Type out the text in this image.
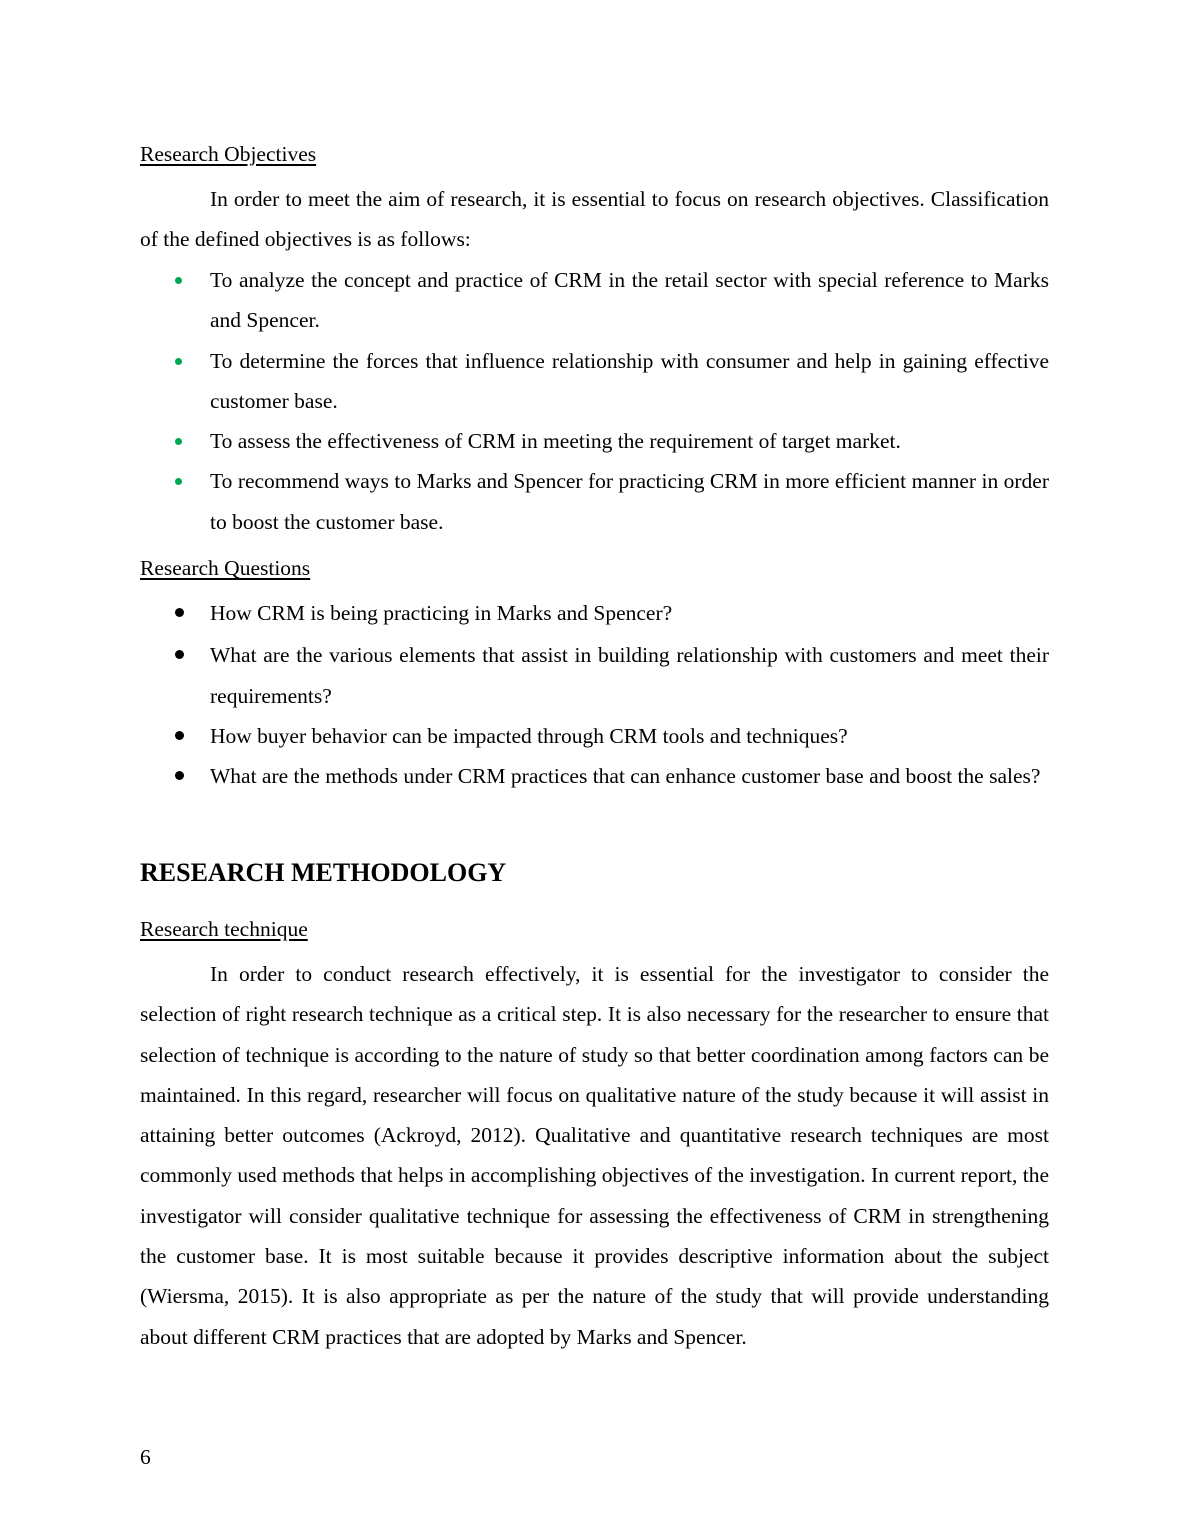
Research Objectives

In order to meet the aim of research, it is essential to focus on research objectives. Classification of the defined objectives is as follows:

To analyze the concept and practice of CRM in the retail sector with special reference to Marks and Spencer.
To determine the forces that influence relationship with consumer and help in gaining effective customer base.
To assess the effectiveness of CRM in meeting the requirement of target market.
To recommend ways to Marks and Spencer for practicing CRM in more efficient manner in order to boost the customer base.
Research Questions
How CRM is being practicing in Marks and Spencer?
What are the various elements that assist in building relationship with customers and meet their requirements?
How buyer behavior can be impacted through CRM tools and techniques?
What are the methods under CRM practices that can enhance customer base and boost the sales?
RESEARCH METHODOLOGY
Research technique

In order to conduct research effectively, it is essential for the investigator to consider the selection of right research technique as a critical step. It is also necessary for the researcher to ensure that selection of technique is according to the nature of study so that better coordination among factors can be maintained. In this regard, researcher will focus on qualitative nature of the study because it will assist in attaining better outcomes (Ackroyd, 2012). Qualitative and quantitative research techniques are most commonly used methods that helps in accomplishing objectives of the investigation. In current report, the investigator will consider qualitative technique for assessing the effectiveness of CRM in strengthening the customer base. It is most suitable because it provides descriptive information about the subject (Wiersma, 2015). It is also appropriate as per the nature of the study that will provide understanding about different CRM practices that are adopted by Marks and Spencer.

6
